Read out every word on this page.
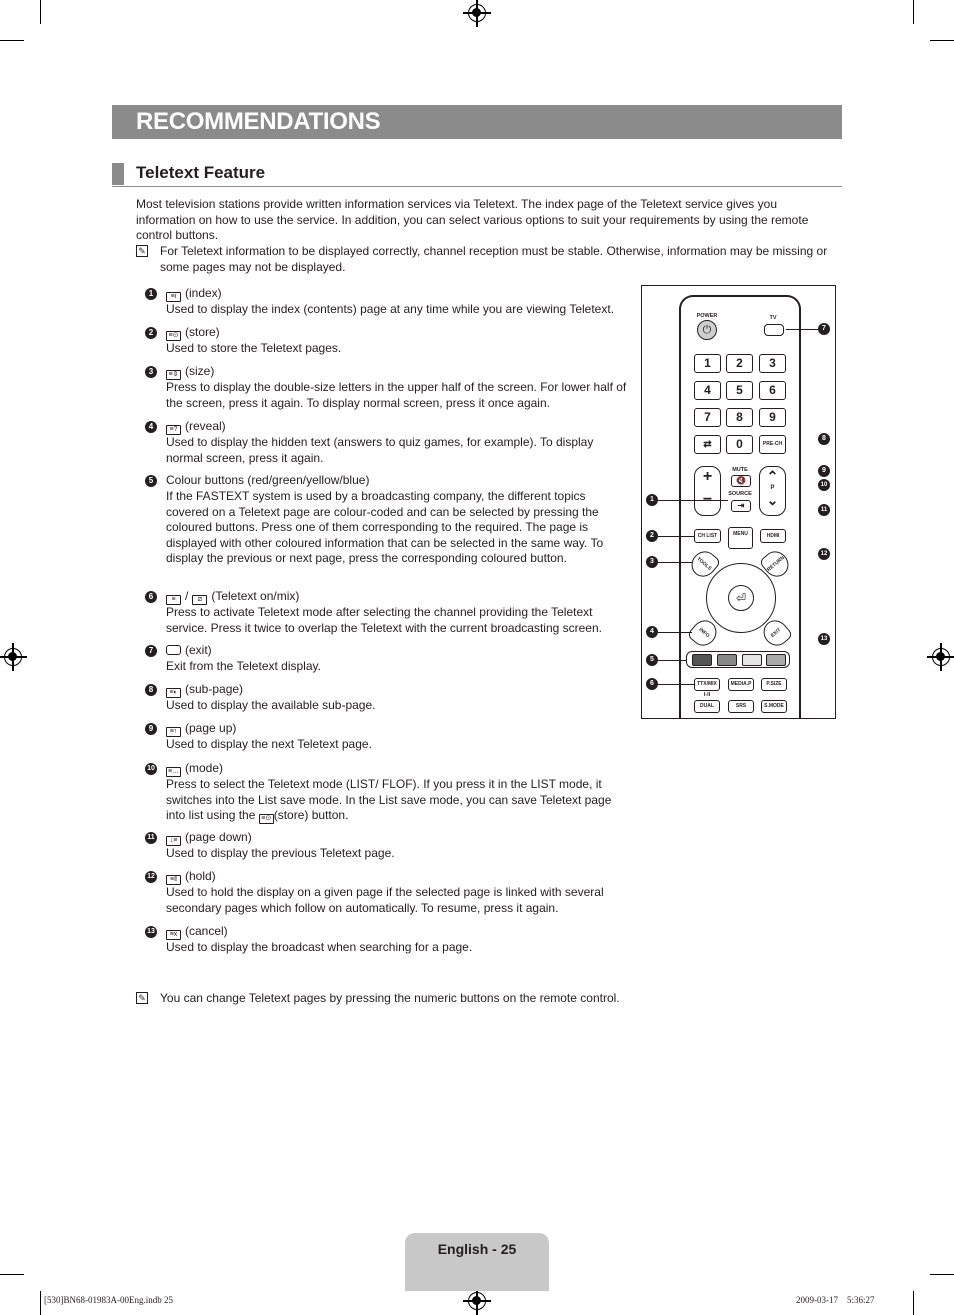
RECOMMENDATIONS
Teletext Feature

Most television stations provide written information services via Teletext. The index page of the Teletext service gives you information on how to use the service. In addition, you can select various options to suit your requirements by using the remote control buttons.

✎ For Teletext information to be displayed correctly, channel reception must be stable. Otherwise, information may be missing or some pages may not be displayed.
1	≡i (index)
Used to display the index (contents) page at any time while you are viewing Teletext.
2	≡⊙ (store)
Used to store the Teletext pages.
3	≡⇕ (size)
Press to display the double-size letters in the upper half of the screen. For lower half of the screen, press it again. To display normal screen, press it once again.
4	≡? (reveal)
Used to display the hidden text (answers to quiz games, for example). To display normal screen, press it again.
5	Colour buttons (red/green/yellow/blue)
If the FASTEXT system is used by a broadcasting company, the different topics covered on a Teletext page are colour-coded and can be selected by pressing the coloured buttons. Press one of them corresponding to the required. The page is displayed with other coloured information that can be selected in the same way. To display the previous or next page, press the corresponding coloured button.
6	≡ / ⧄ (Teletext on/mix)
Press to activate Teletext mode after selecting the channel providing the Teletext service. Press it twice to overlap the Teletext with the current broadcasting screen.
7	(exit)
Exit from the Teletext display.
8	≡◐ (sub-page)
Used to display the available sub-page.
9	≡↑ (page up)
Used to display the next Teletext page.
10	≡… (mode)
Press to select the Teletext mode (LIST/ FLOF). If you press it in the LIST mode, it switches into the List save mode. In the List save mode, you can save Teletext page into list using the ≡⊙ (store) button.
11	↓≡ (page down)
Used to display the previous Teletext page.
12	≡‖ (hold)
Used to hold the display on a given page if the selected page is linked with several secondary pages which follow on automatically. To resume, press it again.
13	≡x (cancel)
Used to display the broadcast when searching for a page.
✎ You can change Teletext pages by pressing the numeric buttons on the remote control.
POWER
⏻
TV
1	2	3
4	5	6
7	8	9
⇄	0	PRE-CH
+	MUTE
🔇
SOURCE
⇥
⌃
P
⌄
CH LIST	MENU	HDMI
TOOLS	RETURN
⏎
INFO	EXIT
TTX/MIX	MEDIA.P	P.SIZE
I-II
DUAL	SRS	S.MODE
7
8
9
10
11
12
13
1
2
3
4
5
6
English - 25
[530]BN68-01983A-00Eng.indb 25	2009-03-17    5:36:27
